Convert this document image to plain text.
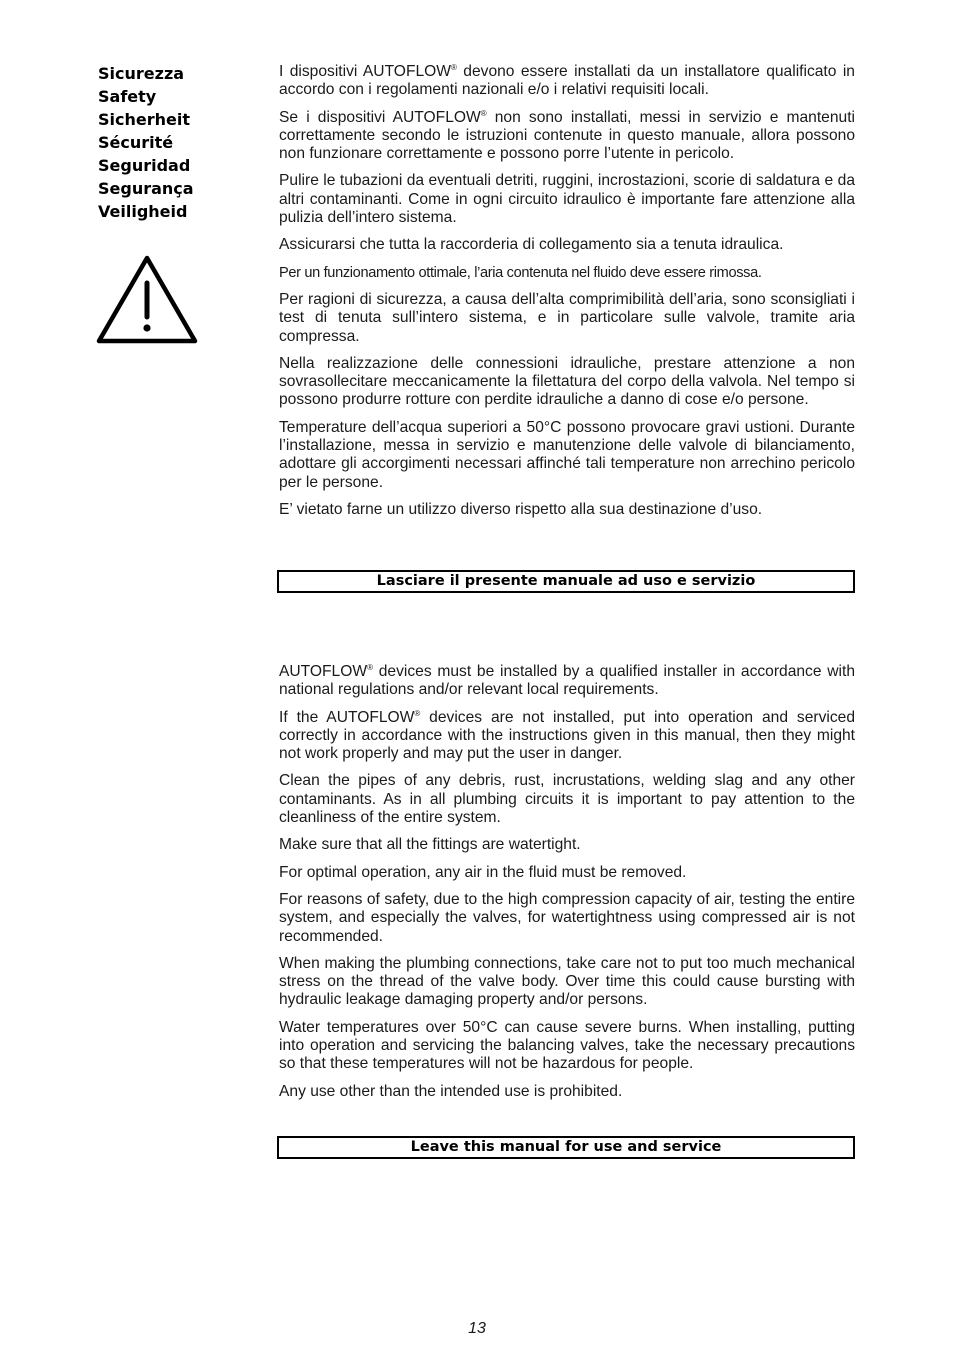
Sicurezza
Safety
Sicherheit
Sécurité
Seguridad
Segurança
Veiligheid

I dispositivi AUTOFLOW® devono essere installati da un installatore qualificato in accordo con i regolamenti nazionali e/o i relativi requisiti locali.

Se i dispositivi AUTOFLOW® non sono installati, messi in servizio e mantenuti correttamente secondo le istruzioni contenute in questo manuale, allora possono non funzionare correttamente e possono porre l’utente in pericolo.

Pulire le tubazioni da eventuali detriti, ruggini, incrostazioni, scorie di saldatura e da altri contaminanti. Come in ogni circuito idraulico è importante fare attenzione alla pulizia dell’intero sistema.

Assicurarsi che tutta la raccorderia di collegamento sia a tenuta idraulica.

Per un funzionamento ottimale, l’aria contenuta nel fluido deve essere rimossa.

Per ragioni di sicurezza, a causa dell’alta comprimibilità dell’aria, sono sconsigliati i test di tenuta sull’intero sistema, e in particolare sulle valvole, tramite aria compressa.

Nella realizzazione delle connessioni idrauliche, prestare attenzione a non sovrasollecitare meccanicamente la filettatura del corpo della valvola. Nel tempo si possono produrre rotture con perdite idrauliche a danno di cose e/o persone.

Temperature dell’acqua superiori a 50°C possono provocare gravi ustioni. Durante l’installazione, messa in servizio e manutenzione delle valvole di bilanciamento, adottare gli accorgimenti necessari affinché tali temperature non arrechino pericolo per le persone.

E’ vietato farne un utilizzo diverso rispetto alla sua destinazione d’uso.

Lasciare il presente manuale ad uso e servizio

AUTOFLOW® devices must be installed by a qualified installer in accordance with national regulations and/or relevant local requirements.

If the AUTOFLOW® devices are not installed, put into operation and serviced correctly in accordance with the instructions given in this manual, then they might not work properly and may put the user in danger.

Clean the pipes of any debris, rust, incrustations, welding slag and any other contaminants. As in all plumbing circuits it is important to pay attention to the cleanliness of the entire system.

Make sure that all the fittings are watertight.

For optimal operation, any air in the fluid must be removed.

For reasons of safety, due to the high compression capacity of air, testing the entire system, and especially the valves, for watertightness using compressed air is not recommended.

When making the plumbing connections, take care not to put too much mechanical stress on the thread of the valve body. Over time this could cause bursting with hydraulic leakage damaging property and/or persons.

Water temperatures over 50°C can cause severe burns. When installing, putting into operation and servicing the balancing valves, take the necessary precautions so that these temperatures will not be hazardous for people.

Any use other than the intended use is prohibited.

Leave this manual for use and service
13
